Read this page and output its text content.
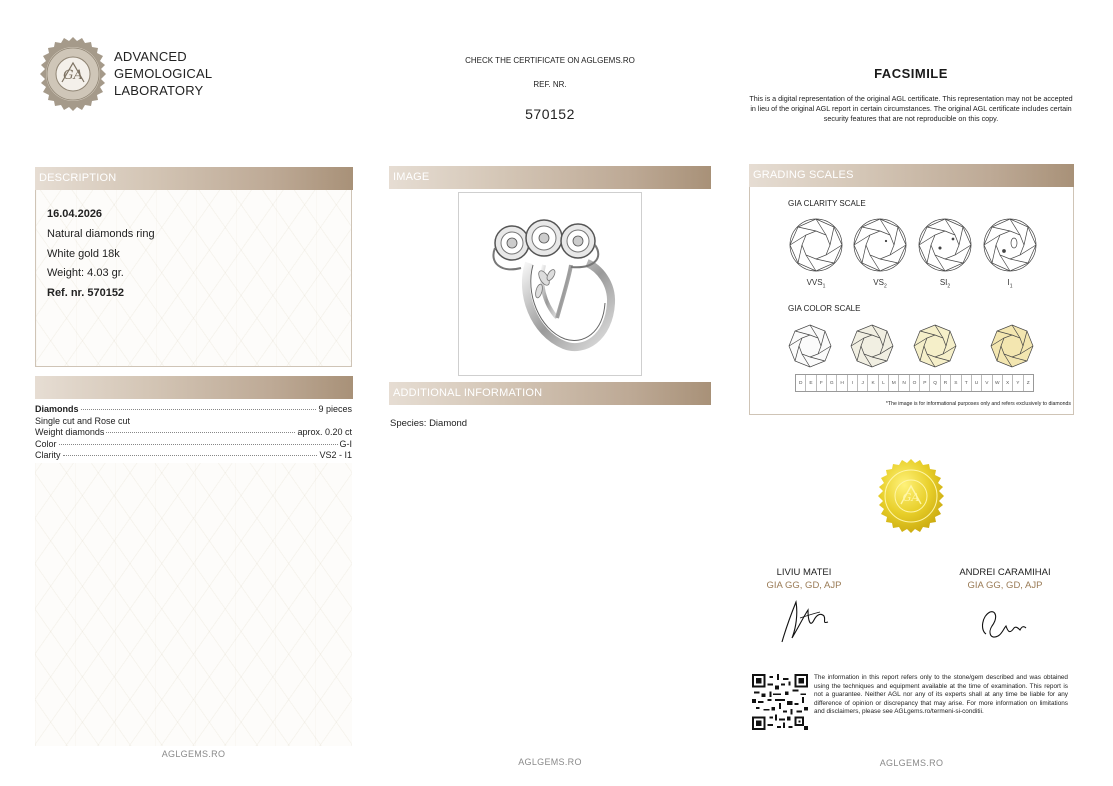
GA
ADVANCED
GEMOLOGICAL
LABORATORY
CHECK THE CERTIFICATE ON AGLGEMS.RO
REF. NR.
570152
FACSIMILE
This is a digital representation of the original AGL certificate. This representation may not be accepted in lieu of the original AGL report in certain circumstances. The original AGL certificate includes certain security features that are not reproducible on this copy.
DESCRIPTION
16.04.2026
Natural diamonds ring
White gold 18k
Weight: 4.03 gr.
Ref. nr. 570152
Diamonds	9 pieces
Single cut and Rose cut
Weight diamonds	aprox. 0.20 ct
Color	G-I
Clarity	VS2 - I1
AGLGEMS.RO
IMAGE
ADDITIONAL INFORMATION
Species: Diamond
AGLGEMS.RO
GRADING SCALES
GIA CLARITY SCALE
$VVS_1$	$VS_2$	$SI_2$	$I_1$
GIA COLOR SCALE
D	E	F	G	H	I	J	K	L	M	N	O	P	Q	R	S	T	U	V	W	X	Y	Z
*The image is for informational purposes only and refers exclusively to diamonds
GA
LIVIU MATEI
GIA GG, GD, AJP
ANDREI CARAMIHAI
GIA GG, GD, AJP
The information in this report refers only to the stone/gem described and was obtained using the techniques and equipment available at the time of examination. This report is not a guarantee. Neither AGL nor any of its experts shall at any time be liable for any difference of opinion or discrepancy that may arise. For more information on limitations and disclaimers, please see AGLgems.ro/termeni-si-conditii.
AGLGEMS.RO
